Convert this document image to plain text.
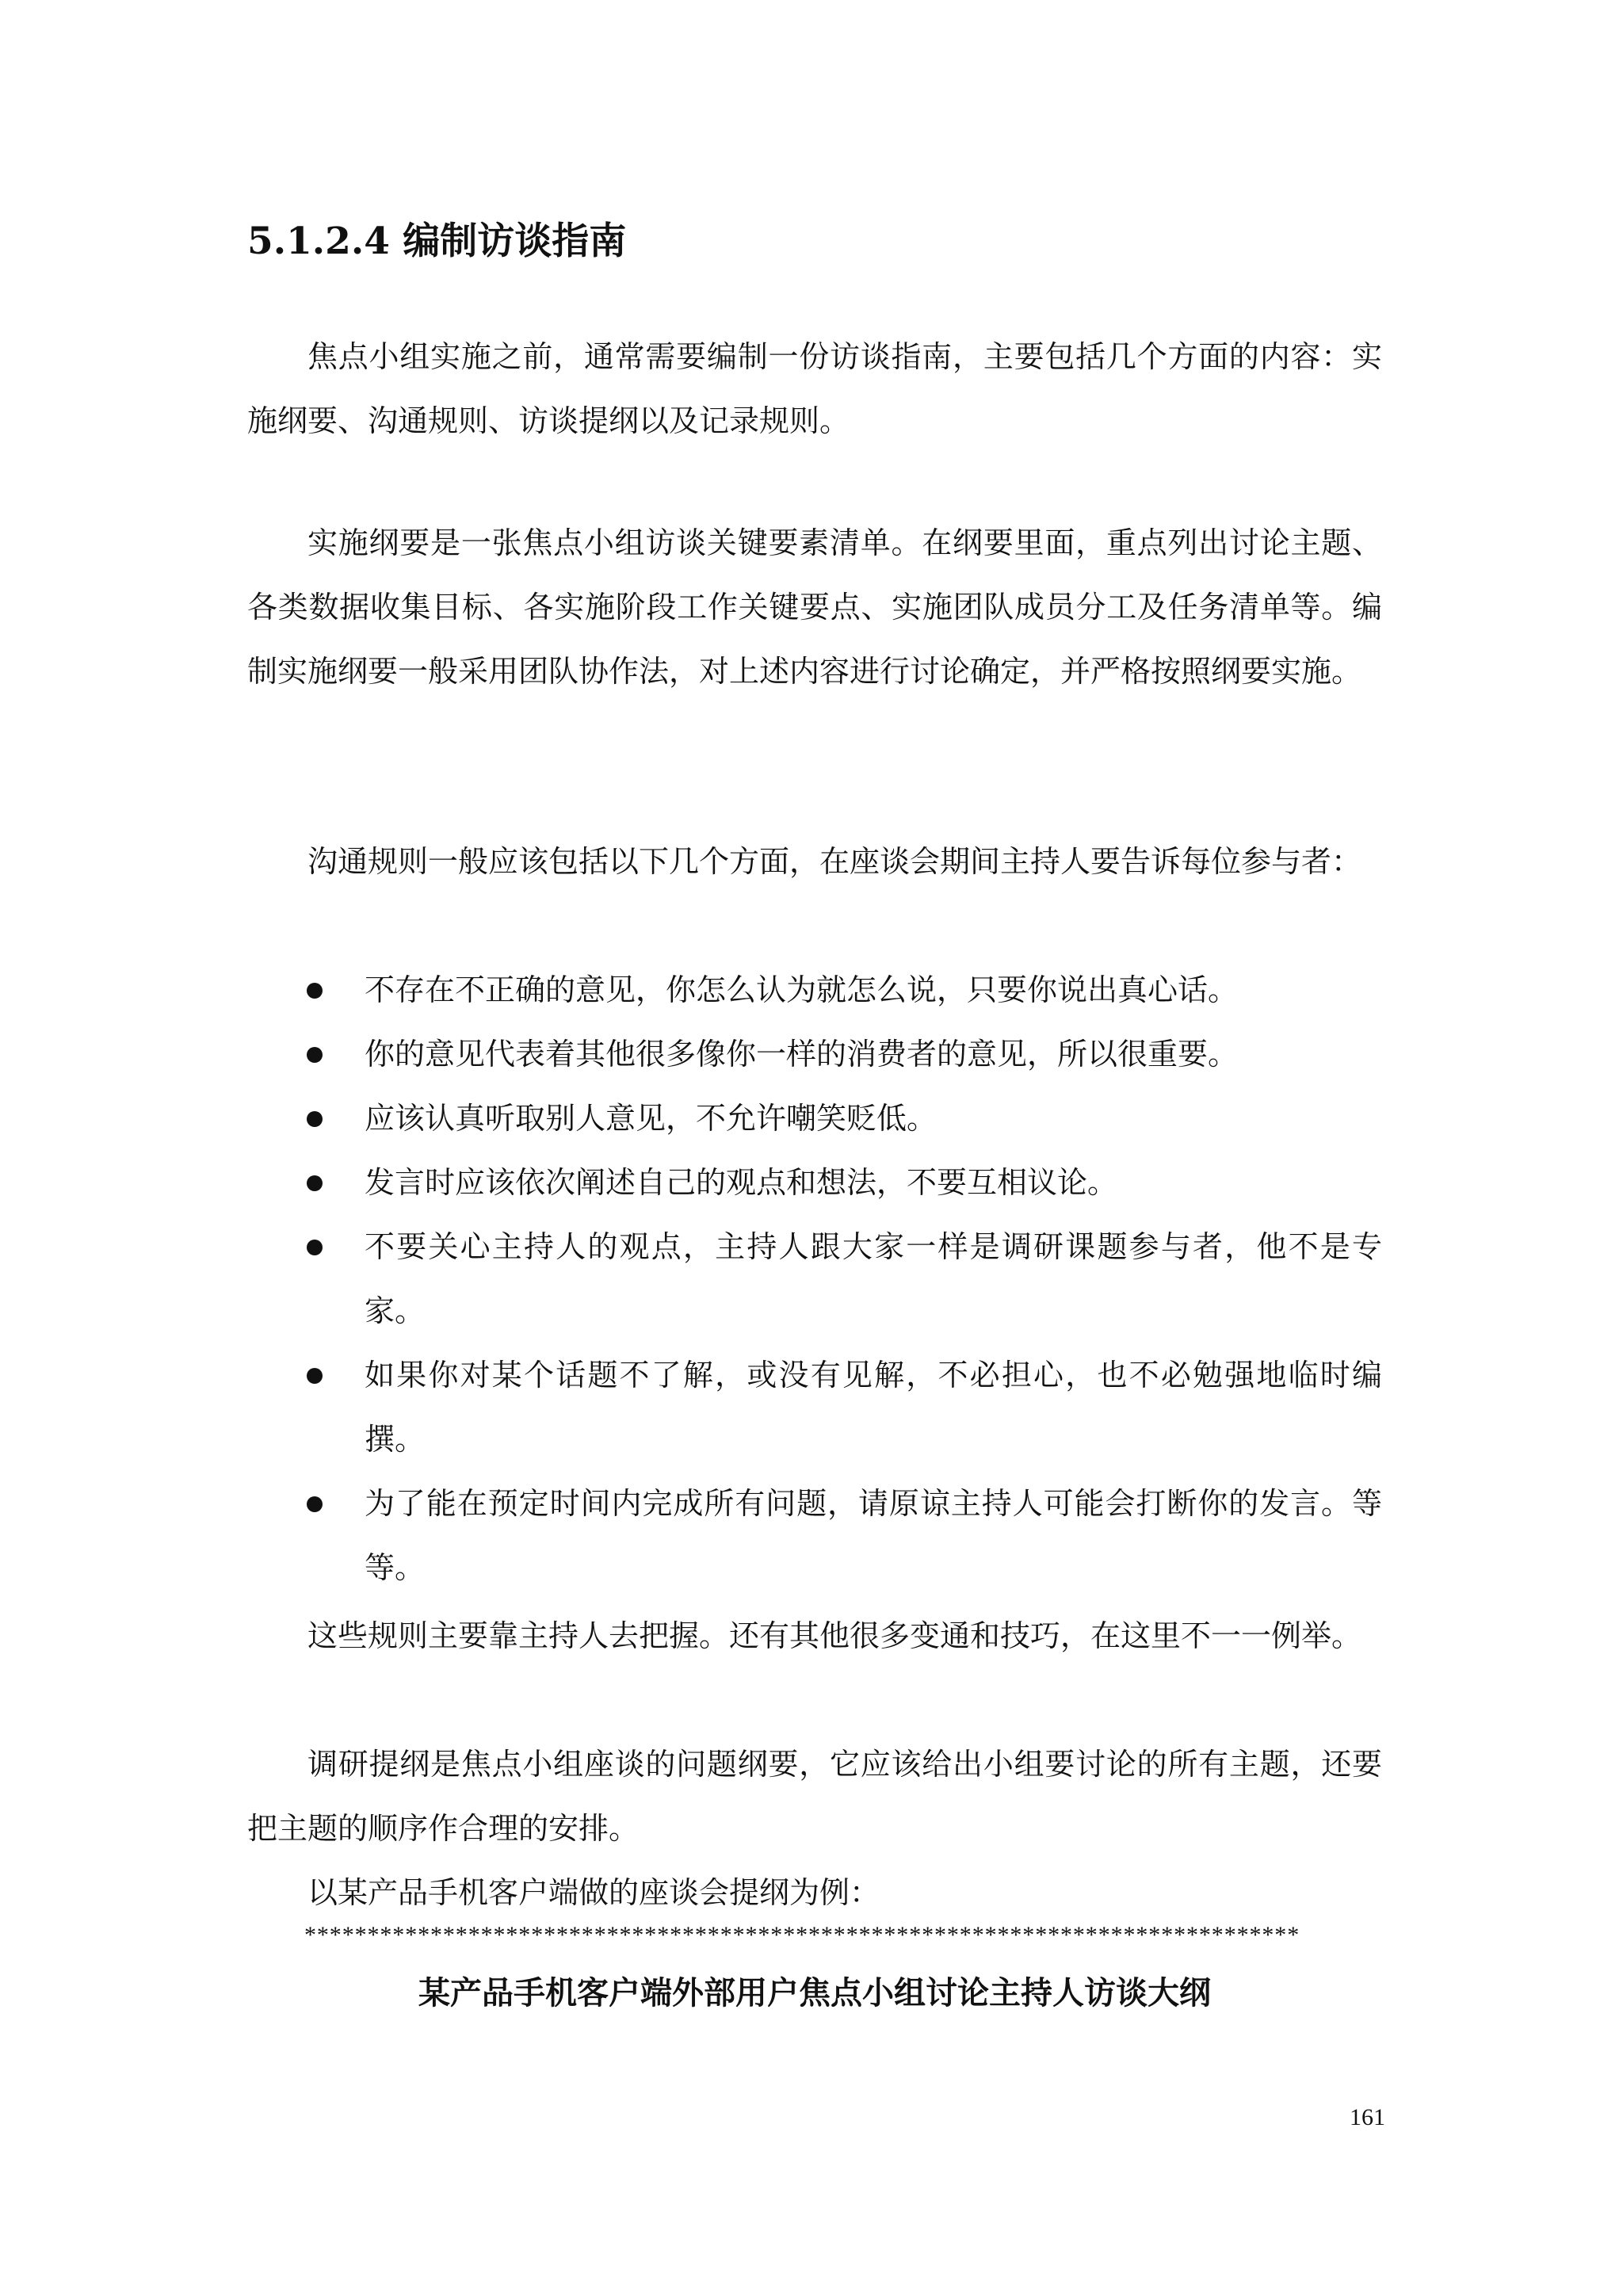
5.1.2.4 编制访谈指南

焦点小组实施之前，通常需要编制一份访谈指南，主要包括几个方面的内容：实施纲要、沟通规则、访谈提纲以及记录规则。

实施纲要是一张焦点小组访谈关键要素清单。在纲要里面，重点列出讨论主题、各类数据收集目标、各实施阶段工作关键要点、实施团队成员分工及任务清单等。编制实施纲要一般采用团队协作法，对上述内容进行讨论确定，并严格按照纲要实施。

沟通规则一般应该包括以下几个方面，在座谈会期间主持人要告诉每位参与者：

不存在不正确的意见，你怎么认为就怎么说，只要你说出真心话。
你的意见代表着其他很多像你一样的消费者的意见，所以很重要。
应该认真听取别人意见，不允许嘲笑贬低。
发言时应该依次阐述自己的观点和想法，不要互相议论。
不要关心主持人的观点，主持人跟大家一样是调研课题参与者，他不是专家。
如果你对某个话题不了解，或没有见解，不必担心，也不必勉强地临时编撰。
为了能在预定时间内完成所有问题，请原谅主持人可能会打断你的发言。等等。

这些规则主要靠主持人去把握。还有其他很多变通和技巧，在这里不一一例举。

调研提纲是焦点小组座谈的问题纲要，它应该给出小组要讨论的所有主题，还要把主题的顺序作合理的安排。

以某产品手机客户端做的座谈会提纲为例：

*******************************************************************************
某产品手机客户端外部用户焦点小组讨论主持人访谈大纲
161
